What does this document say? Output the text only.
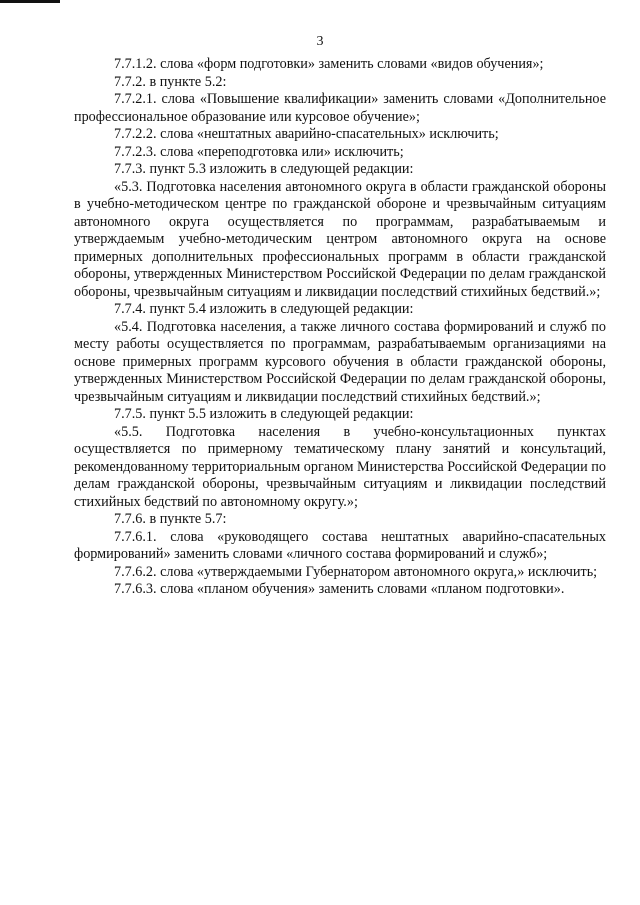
3

7.7.1.2. слова «форм подготовки» заменить словами «видов обучения»;

7.7.2. в пункте 5.2:

7.7.2.1. слова «Повышение квалификации» заменить словами «Дополнительное профессиональное образование или курсовое обучение»;

7.7.2.2. слова «нештатных аварийно-спасательных» исключить;

7.7.2.3. слова «переподготовка или» исключить;

7.7.3. пункт 5.3 изложить в следующей редакции:

«5.3. Подготовка населения автономного округа в области гражданской обороны в учебно-методическом центре по гражданской обороне и чрезвычайным ситуациям автономного округа осуществляется по программам, разрабатываемым и утверждаемым учебно-методическим центром автономного округа на основе примерных дополнительных профессиональных программ в области гражданской обороны, утвержденных Министерством Российской Федерации по делам гражданской обороны, чрезвычайным ситуациям и ликвидации последствий стихийных бедствий.»;

7.7.4. пункт 5.4 изложить в следующей редакции:

«5.4. Подготовка населения, а также личного состава формирований и служб по месту работы осуществляется по программам, разрабатываемым организациями на основе примерных программ курсового обучения в области гражданской обороны, утвержденных Министерством Российской Федерации по делам гражданской обороны, чрезвычайным ситуациям и ликвидации последствий стихийных бедствий.»;

7.7.5. пункт 5.5 изложить в следующей редакции:

«5.5. Подготовка населения в учебно-консультационных пунктах осуществляется по примерному тематическому плану занятий и консультаций, рекомендованному территориальным органом Министерства Российской Федерации по делам гражданской обороны, чрезвычайным ситуациям и ликвидации последствий стихийных бедствий по автономному округу.»;

7.7.6. в пункте 5.7:

7.7.6.1. слова «руководящего состава нештатных аварийно-спасательных формирований» заменить словами «личного состава формирований и служб»;

7.7.6.2. слова «утверждаемыми Губернатором автономного округа,» исключить;

7.7.6.3. слова «планом обучения» заменить словами «планом подготовки».
